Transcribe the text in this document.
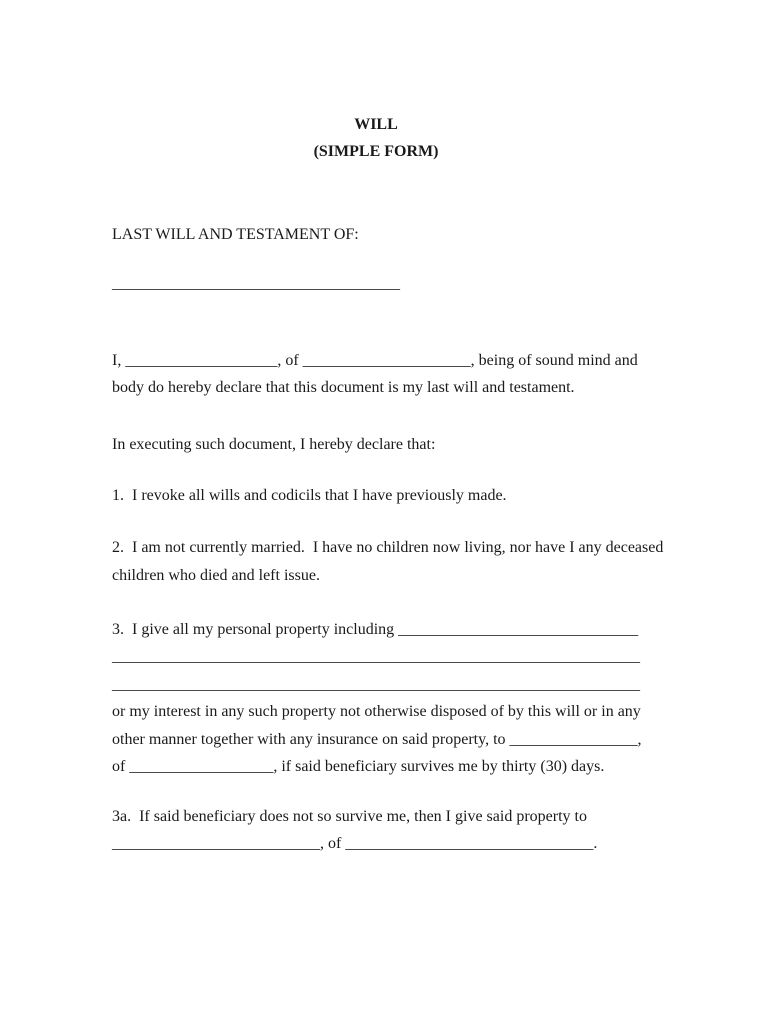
WILL
(SIMPLE FORM)
LAST WILL AND TESTAMENT OF:
____________________________________
I, ___________________, of _____________________, being of sound mind and
body do hereby declare that this document is my last will and testament.
In executing such document, I hereby declare that:
1.  I revoke all wills and codicils that I have previously made.
2.  I am not currently married.  I have no children now living, nor have I any deceased
children who died and left issue.
3.  I give all my personal property including ______________________________
__________________________________________________________________
__________________________________________________________________
or my interest in any such property not otherwise disposed of by this will or in any
other manner together with any insurance on said property, to ________________,
of __________________, if said beneficiary survives me by thirty (30) days.
3a.  If said beneficiary does not so survive me, then I give said property to
__________________________, of _______________________________.
